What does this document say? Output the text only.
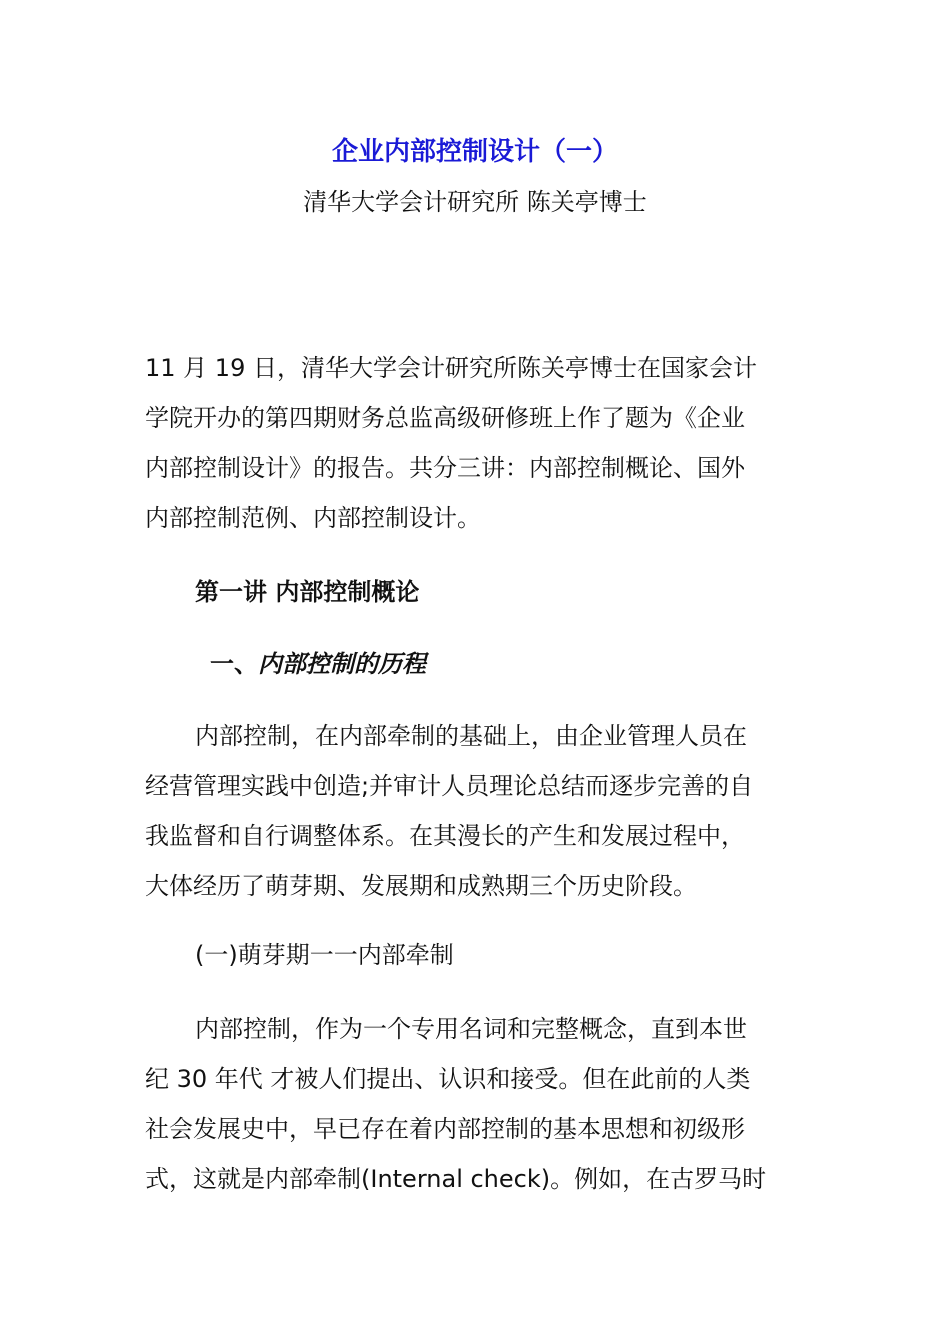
企业内部控制设计（一）
清华大学会计研究所 陈关亭博士
11 月 19 日，清华大学会计研究所陈关亭博士在国家会计
学院开办的第四期财务总监高级研修班上作了题为《企业
内部控制设计》的报告。共分三讲：内部控制概论、国外
内部控制范例、内部控制设计。
第一讲 内部控制概论
一、内部控制的历程
内部控制，在内部牵制的基础上，由企业管理人员在
经营管理实践中创造;并审计人员理论总结而逐步完善的自
我监督和自行调整体系。在其漫长的产生和发展过程中，
大体经历了萌芽期、发展期和成熟期三个历史阶段。
(一)萌芽期一一内部牵制
内部控制，作为一个专用名词和完整概念，直到本世
纪 30 年代 才被人们提出、认识和接受。但在此前的人类
社会发展史中，早已存在着内部控制的基本思想和初级形
式，这就是内部牵制(Internal check)。例如，在古罗马时
